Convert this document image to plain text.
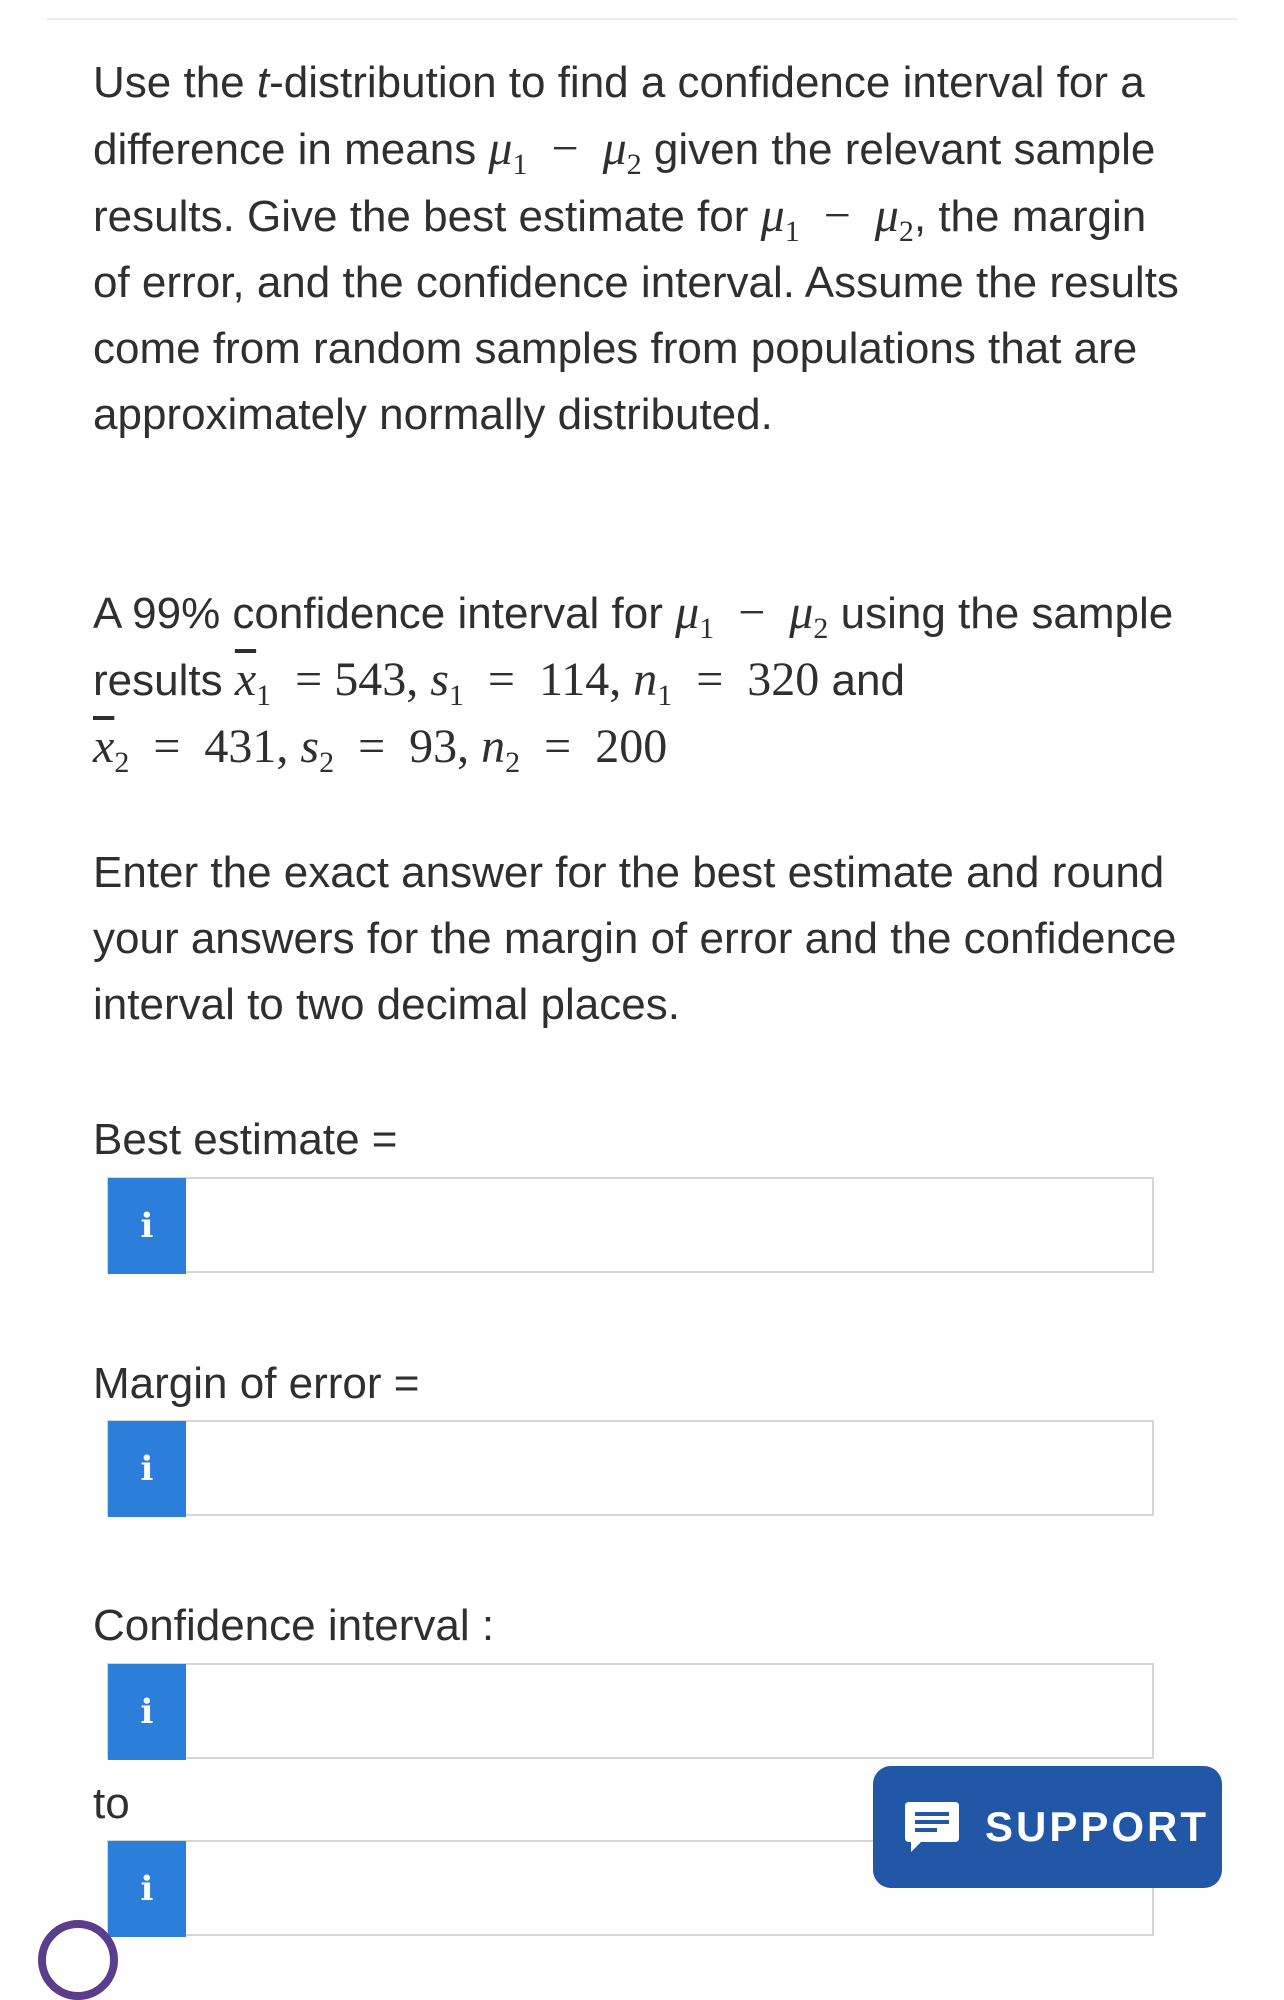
Use the t-distribution to find a confidence interval for a difference in means $\mu_1 - \mu_2$ given the relevant sample results. Give the best estimate for $\mu_1 - \mu_2$, the margin of error, and the confidence interval. Assume the results come from random samples from populations that are approximately normally distributed.

A 99% confidence interval for $\mu_1 - \mu_2$ using the sample results $\overline{x}_1 = 543$, $s_1 = 114$, $n_1 = 320$ and
$\overline{x}_2 = 431$, $s_2 = 93$, $n_2 = 200$

Enter the exact answer for the best estimate and round your answers for the margin of error and the confidence interval to two decimal places.

Best estimate =
i
Margin of error =
i
Confidence interval :
i
to
i
SUPPORT
